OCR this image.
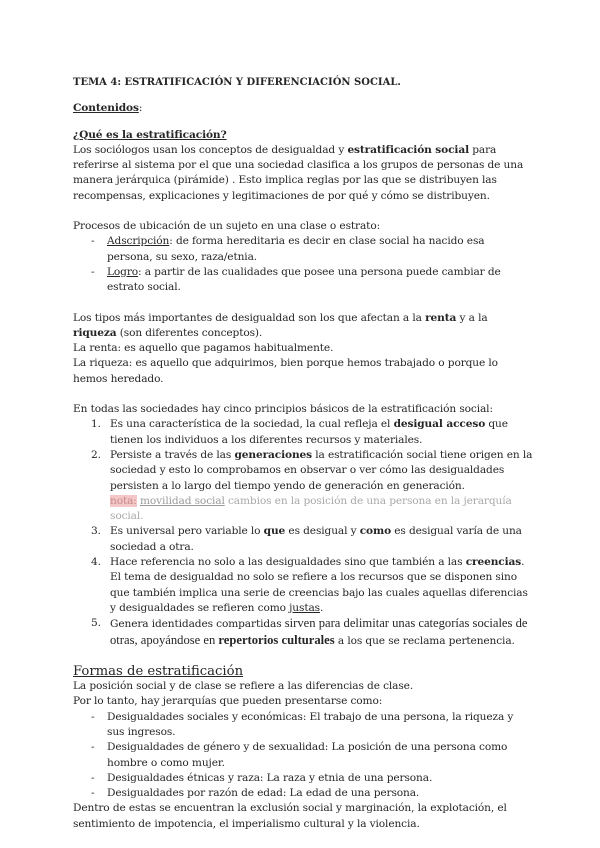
TEMA 4: ESTRATIFICACIÓN Y DIFERENCIACIÓN SOCIAL.

Contenidos:

¿Qué es la estratificación?

Los sociólogos usan los conceptos de desigualdad y estratificación social para referirse al sistema por el que una sociedad clasifica a los grupos de personas de una manera jerárquica (pirámide) . Esto implica reglas por las que se distribuyen las recompensas, explicaciones y legitimaciones de por qué y cómo se distribuyen.

Procesos de ubicación de un sujeto en una clase o estrato:

- Adscripción: de forma hereditaria es decir en clase social ha nacido esa persona, su sexo, raza/etnia.
- Logro: a partir de las cualidades que posee una persona puede cambiar de estrato social.

Los tipos más importantes de desigualdad son los que afectan a la renta y a la riqueza (son diferentes conceptos).

La renta: es aquello que pagamos habitualmente.

La riqueza: es aquello que adquirimos, bien porque hemos trabajado o porque lo hemos heredado.

En todas las sociedades hay cinco principios básicos de la estratificación social:

1. Es una característica de la sociedad, la cual refleja el desigual acceso que tienen los individuos a los diferentes recursos y materiales.
2. Persiste a través de las generaciones la estratificación social tiene origen en la sociedad y esto lo comprobamos en observar o ver cómo las desigualdades persisten a lo largo del tiempo yendo de generación en generación.
nota: movilidad social cambios en la posición de una persona en la jerarquía social.
3. Es universal pero variable lo que es desigual y como es desigual varía de una sociedad a otra.
4. Hace referencia no solo a las desigualdades sino que también a las creencias. El tema de desigualdad no solo se refiere a los recursos que se disponen sino que también implica una serie de creencias bajo las cuales aquellas diferencias y desigualdades se refieren como justas.
5. Genera identidades compartidas sirven para delimitar unas categorías sociales de otras, apoyándose en repertorios culturales a los que se reclama pertenencia.

Formas de estratificación

La posición social y de clase se refiere a las diferencias de clase.

Por lo tanto, hay jerarquías que pueden presentarse como:

- Desigualdades sociales y económicas: El trabajo de una persona, la riqueza y sus ingresos.
- Desigualdades de género y de sexualidad: La posición de una persona como hombre o como mujer.
- Desigualdades étnicas y raza: La raza y etnia de una persona.
- Desigualdades por razón de edad: La edad de una persona.

Dentro de estas se encuentran la exclusión social y marginación, la explotación, el sentimiento de impotencia, el imperialismo cultural y la violencia.
